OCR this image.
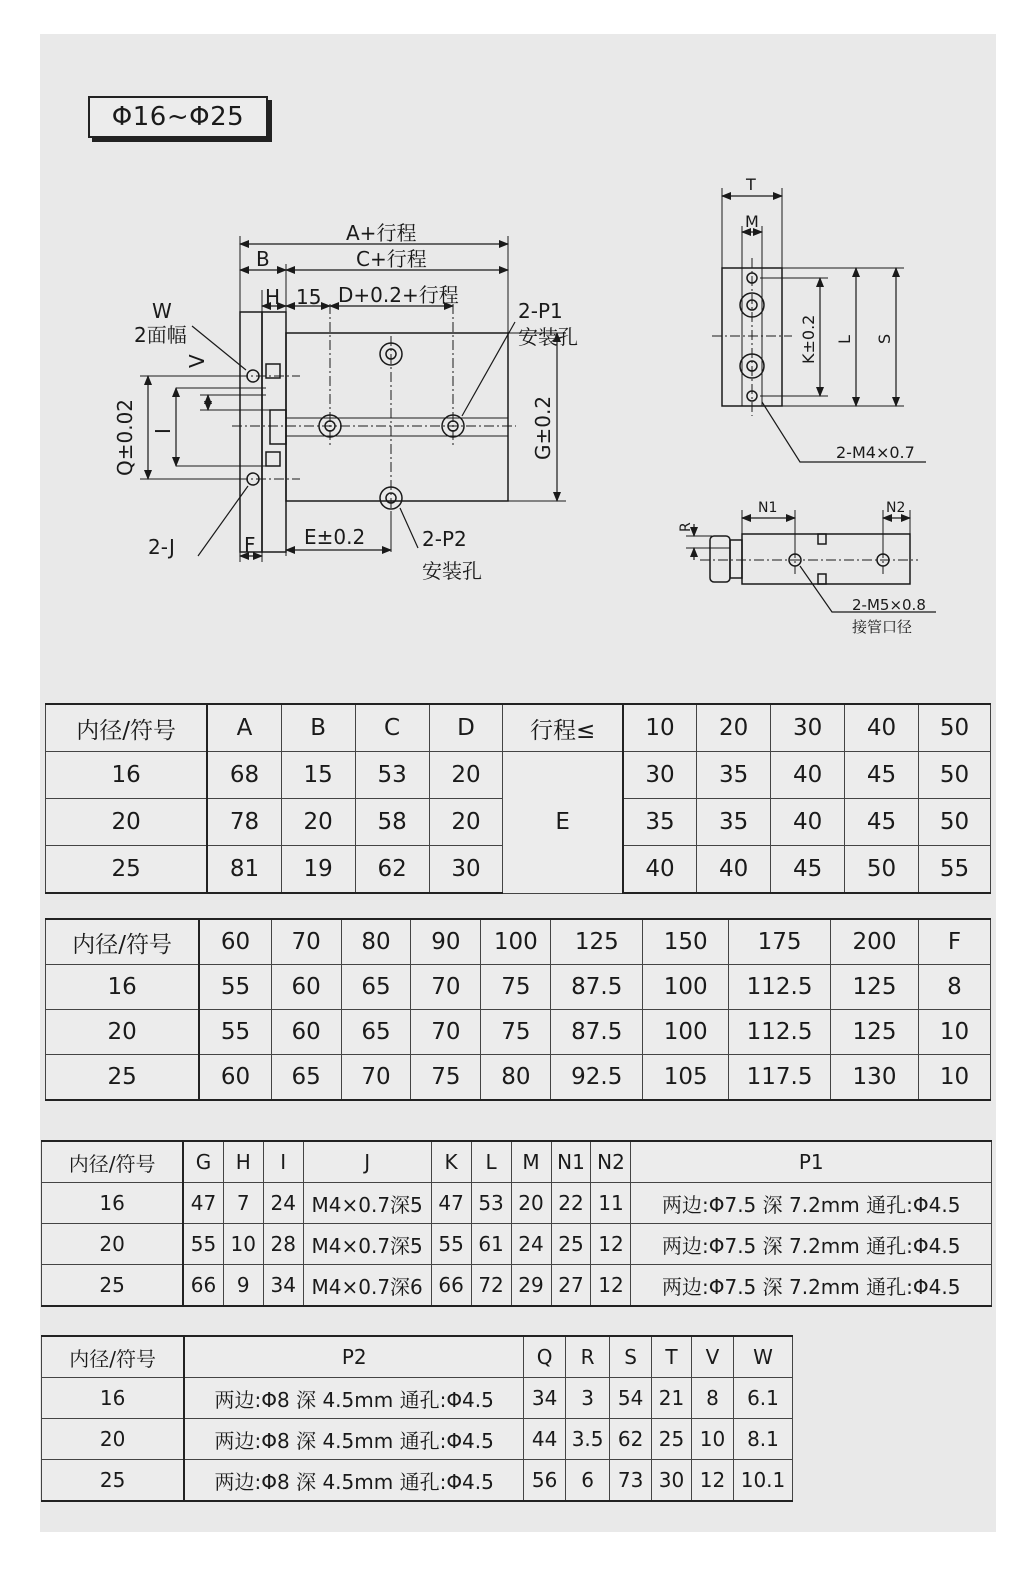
Φ16~Φ25
A+行程
B	C+行程
H 15 D+0.2+行程
W
2面幅
V
Q±0.02 I	G±0.2
2-P1
安装孔
2-J	F E±0.2	2-P2
安装孔
T
M
K±0.2 L S
2-M4×0.7
N1	N2
R
2-M5×0.8
接管口径
内径/符号	A	B	C	D	行程≤	10	20	30	40	50
16	68	15	53	20	E	30	35	40	45	50
20	78	20	58	20		35	35	40	45	50
25	81	19	62	30		40	40	45	50	55
内径/符号	60	70	80	90	100	125	150	175	200	F
16	55	60	65	70	75	87.5	100	112.5	125	8
20	55	60	65	70	75	87.5	100	112.5	125	10
25	60	65	70	75	80	92.5	105	117.5	130	10
内径/符号	G	H	I	J	K	L	M	N1	N2	P1
16	47	7	24	M4×0.7深5	47	53	20	22	11	两边:Φ7.5 深 7.2mm 通孔:Φ4.5
20	55	10	28	M4×0.7深5	55	61	24	25	12	两边:Φ7.5 深 7.2mm 通孔:Φ4.5
25	66	9	34	M4×0.7深6	66	72	29	27	12	两边:Φ7.5 深 7.2mm 通孔:Φ4.5
内径/符号	P2	Q	R	S	T	V	W
16	两边:Φ8 深 4.5mm 通孔:Φ4.5	34	3	54	21	8	6.1
20	两边:Φ8 深 4.5mm 通孔:Φ4.5	44	3.5	62	25	10	8.1
25	两边:Φ8 深 4.5mm 通孔:Φ4.5	56	6	73	30	12	10.1
